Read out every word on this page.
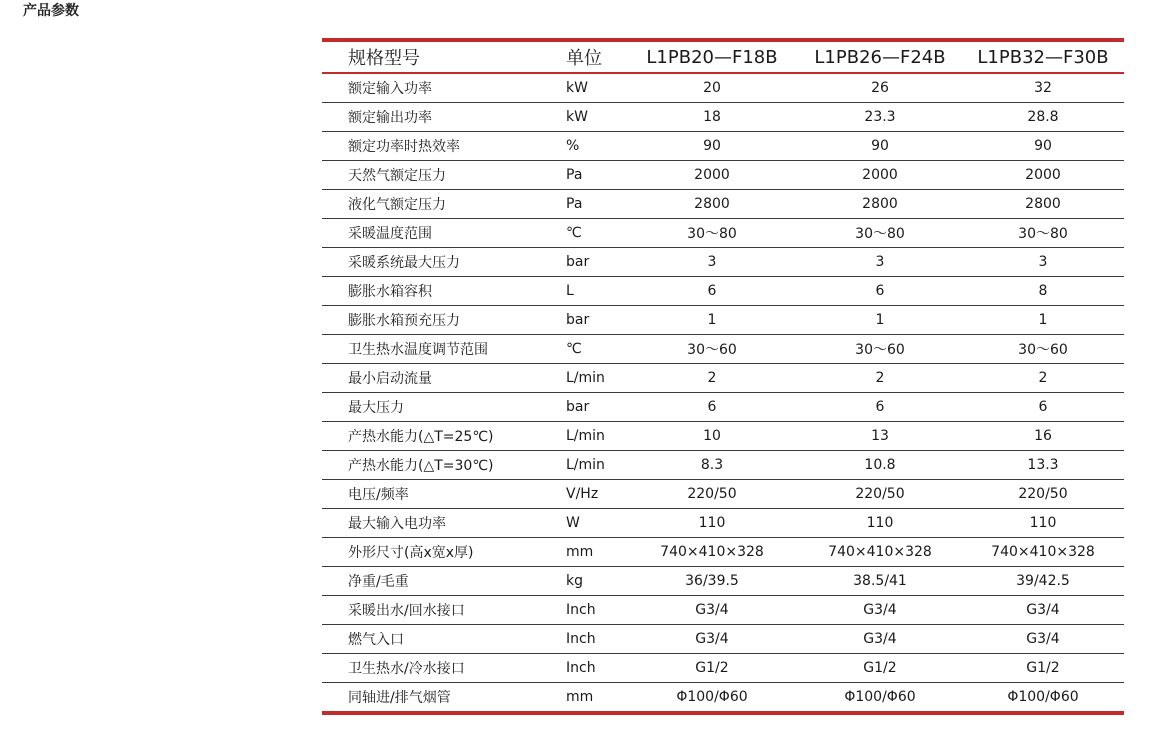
产品参数
规格型号	单位	L1PB20—F18B	L1PB26—F24B	L1PB32—F30B
额定输入功率	kW	20	26	32
额定输出功率	kW	18	23.3	28.8
额定功率时热效率	%	90	90	90
天然气额定压力	Pa	2000	2000	2000
液化气额定压力	Pa	2800	2800	2800
采暖温度范围	℃	30～80	30～80	30～80
采暖系统最大压力	bar	3	3	3
膨胀水箱容积	L	6	6	8
膨胀水箱预充压力	bar	1	1	1
卫生热水温度调节范围	℃	30～60	30～60	30～60
最小启动流量	L/min	2	2	2
最大压力	bar	6	6	6
产热水能力(△T=25℃)	L/min	10	13	16
产热水能力(△T=30℃)	L/min	8.3	10.8	13.3
电压/频率	V/Hz	220/50	220/50	220/50
最大输入电功率	W	110	110	110
外形尺寸(高x宽x厚)	mm	740×410×328	740×410×328	740×410×328
净重/毛重	kg	36/39.5	38.5/41	39/42.5
采暖出水/回水接口	Inch	G3/4	G3/4	G3/4
燃气入口	Inch	G3/4	G3/4	G3/4
卫生热水/冷水接口	Inch	G1/2	G1/2	G1/2
同轴进/排气烟管	mm	Φ100/Φ60	Φ100/Φ60	Φ100/Φ60
